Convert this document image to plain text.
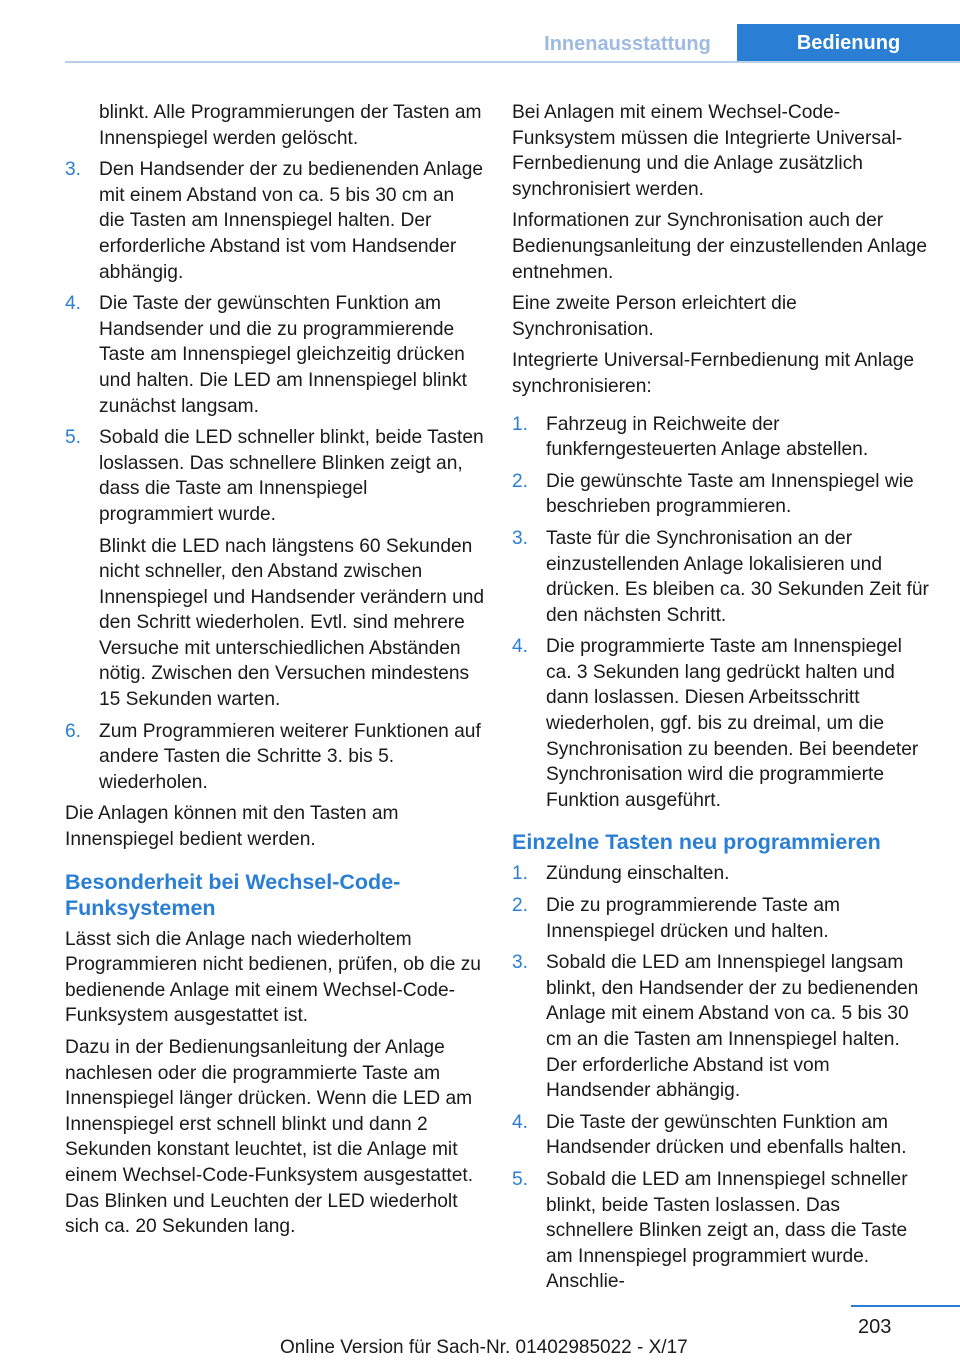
Innenausstattung	Bedienung

blinkt. Alle Programmierungen der Tasten am Innenspiegel werden gelöscht.

3. Den Handsender der zu bedienenden Anlage mit einem Abstand von ca. 5 bis 30 cm an die Tasten am Innenspiegel halten. Der erforderliche Abstand ist vom Handsender abhängig.
4. Die Taste der gewünschten Funktion am Handsender und die zu programmierende Taste am Innenspiegel gleichzeitig drücken und halten. Die LED am Innenspiegel blinkt zunächst langsam.
5. Sobald die LED schneller blinkt, beide Tasten loslassen. Das schnellere Blinken zeigt an, dass die Taste am Innenspiegel programmiert wurde.

Blinkt die LED nach längstens 60 Sekunden nicht schneller, den Abstand zwischen Innenspiegel und Handsender verändern und den Schritt wiederholen. Evtl. sind mehrere Versuche mit unterschiedlichen Abständen nötig. Zwischen den Versuchen mindestens 15 Sekunden warten.

6. Zum Programmieren weiterer Funktionen auf andere Tasten die Schritte 3. bis 5. wiederholen.

Die Anlagen können mit den Tasten am Innenspiegel bedient werden.

Besonderheit bei Wechsel-Code-Funksystemen

Lässt sich die Anlage nach wiederholtem Programmieren nicht bedienen, prüfen, ob die zu bedienende Anlage mit einem Wechsel-Code-Funksystem ausgestattet ist.

Dazu in der Bedienungsanleitung der Anlage nachlesen oder die programmierte Taste am Innenspiegel länger drücken. Wenn die LED am Innenspiegel erst schnell blinkt und dann 2 Sekunden konstant leuchtet, ist die Anlage mit einem Wechsel-Code-Funksystem ausgestattet. Das Blinken und Leuchten der LED wiederholt sich ca. 20 Sekunden lang.

Bei Anlagen mit einem Wechsel-Code-Funksystem müssen die Integrierte Universal-Fernbedienung und die Anlage zusätzlich synchronisiert werden.

Informationen zur Synchronisation auch der Bedienungsanleitung der einzustellenden Anlage entnehmen.

Eine zweite Person erleichtert die Synchronisation.

Integrierte Universal-Fernbedienung mit Anlage synchronisieren:

1. Fahrzeug in Reichweite der funkferngesteuerten Anlage abstellen.
2. Die gewünschte Taste am Innenspiegel wie beschrieben programmieren.
3. Taste für die Synchronisation an der einzustellenden Anlage lokalisieren und drücken. Es bleiben ca. 30 Sekunden Zeit für den nächsten Schritt.
4. Die programmierte Taste am Innenspiegel ca. 3 Sekunden lang gedrückt halten und dann loslassen. Diesen Arbeitsschritt wiederholen, ggf. bis zu dreimal, um die Synchronisation zu beenden. Bei beendeter Synchronisation wird die programmierte Funktion ausgeführt.
Einzelne Tasten neu programmieren
1. Zündung einschalten.
2. Die zu programmierende Taste am Innenspiegel drücken und halten.
3. Sobald die LED am Innenspiegel langsam blinkt, den Handsender der zu bedienenden Anlage mit einem Abstand von ca. 5 bis 30 cm an die Tasten am Innenspiegel halten. Der erforderliche Abstand ist vom Handsender abhängig.
4. Die Taste der gewünschten Funktion am Handsender drücken und ebenfalls halten.
5. Sobald die LED am Innenspiegel schneller blinkt, beide Tasten loslassen. Das schnellere Blinken zeigt an, dass die Taste am Innenspiegel programmiert wurde. Anschlie-
203
Online Version für Sach-Nr. 01402985022 - X/17
